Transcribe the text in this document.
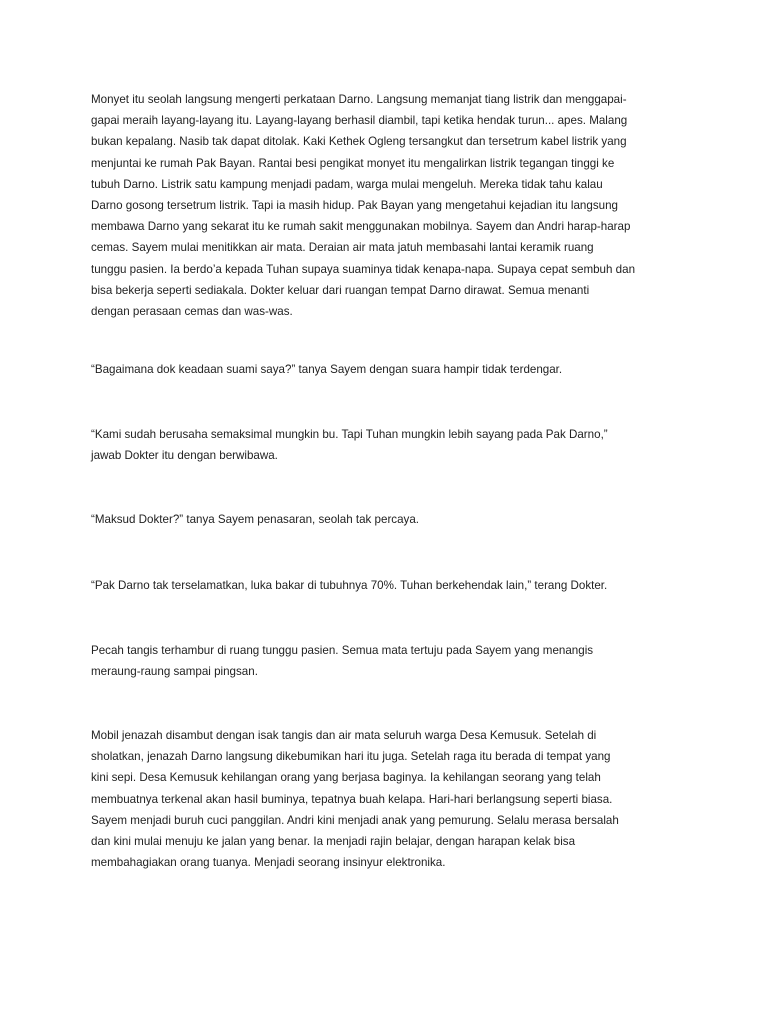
Monyet itu seolah langsung mengerti perkataan Darno. Langsung memanjat tiang listrik dan menggapai-
gapai meraih layang-layang itu. Layang-layang berhasil diambil, tapi ketika hendak turun... apes. Malang
bukan kepalang. Nasib tak dapat ditolak. Kaki Kethek Ogleng tersangkut dan tersetrum kabel listrik yang
menjuntai ke rumah Pak Bayan. Rantai besi pengikat monyet itu mengalirkan listrik tegangan tinggi ke
tubuh Darno. Listrik satu kampung menjadi padam, warga mulai mengeluh. Mereka tidak tahu kalau
Darno gosong tersetrum listrik. Tapi ia masih hidup. Pak Bayan yang mengetahui kejadian itu langsung
membawa Darno yang sekarat itu ke rumah sakit menggunakan mobilnya. Sayem dan Andri harap-harap
cemas. Sayem mulai menitikkan air mata. Deraian air mata jatuh membasahi lantai keramik ruang
tunggu pasien. Ia berdo’a kepada Tuhan supaya suaminya tidak kenapa-napa. Supaya cepat sembuh dan
bisa bekerja seperti sediakala. Dokter keluar dari ruangan tempat Darno dirawat. Semua menanti
dengan perasaan cemas dan was-was.

“Bagaimana dok keadaan suami saya?” tanya Sayem dengan suara hampir tidak terdengar.

“Kami sudah berusaha semaksimal mungkin bu. Tapi Tuhan mungkin lebih sayang pada Pak Darno,”
jawab Dokter itu dengan berwibawa.

“Maksud Dokter?” tanya Sayem penasaran, seolah tak percaya.

“Pak Darno tak terselamatkan, luka bakar di tubuhnya 70%. Tuhan berkehendak lain,” terang Dokter.

Pecah tangis terhambur di ruang tunggu pasien. Semua mata tertuju pada Sayem yang menangis
meraung-raung sampai pingsan.

Mobil jenazah disambut dengan isak tangis dan air mata seluruh warga Desa Kemusuk. Setelah di
sholatkan, jenazah Darno langsung dikebumikan hari itu juga. Setelah raga itu berada di tempat yang
kini sepi. Desa Kemusuk kehilangan orang yang berjasa baginya. Ia kehilangan seorang yang telah
membuatnya terkenal akan hasil buminya, tepatnya buah kelapa. Hari-hari berlangsung seperti biasa.
Sayem menjadi buruh cuci panggilan. Andri kini menjadi anak yang pemurung. Selalu merasa bersalah
dan kini mulai menuju ke jalan yang benar. Ia menjadi rajin belajar, dengan harapan kelak bisa
membahagiakan orang tuanya. Menjadi seorang insinyur elektronika.
